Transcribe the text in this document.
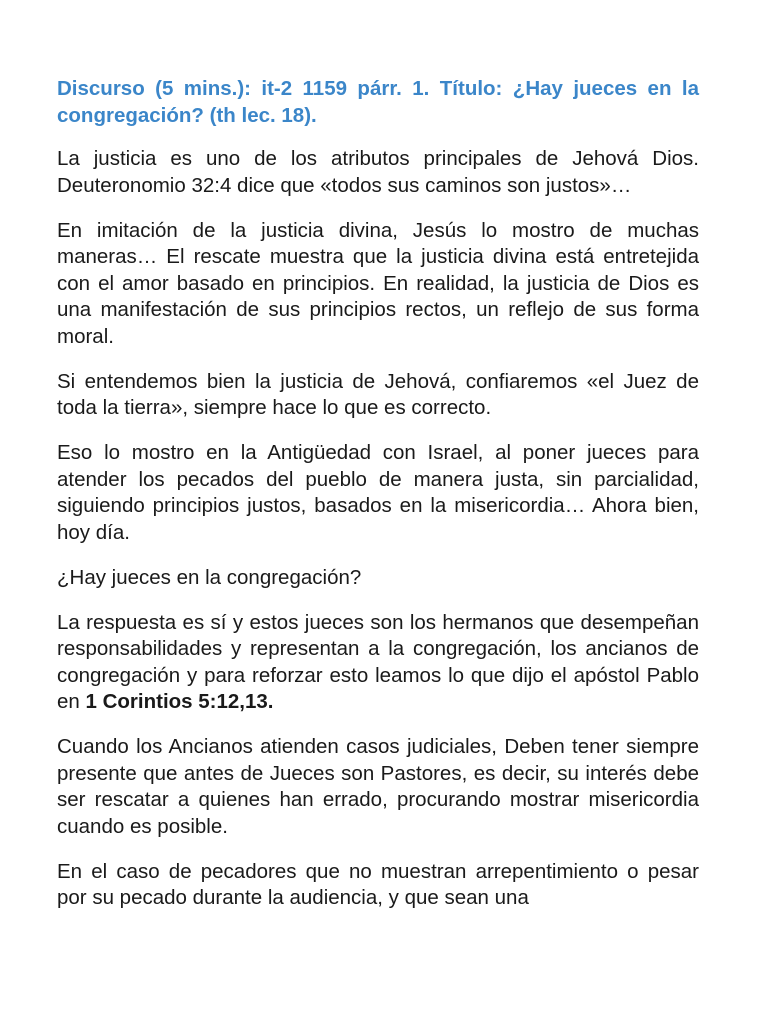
Discurso (5 mins.): it-2 1159 párr. 1. Título: ¿Hay jueces en la congregación? (th lec. 18).

La justicia es uno de los atributos principales de Jehová Dios. Deuteronomio 32:4 dice que «todos sus caminos son justos»…

En imitación de la justicia divina, Jesús lo mostro de muchas maneras… El rescate muestra que la justicia divina está entretejida con el amor basado en principios. En realidad, la justicia de Dios es una manifestación de sus principios rectos, un reflejo de sus forma moral.

Si entendemos bien la justicia de Jehová, confiaremos «el Juez de toda la tierra», siempre hace lo que es correcto.

Eso lo mostro en la Antigüedad con Israel, al poner jueces para atender los pecados del pueblo de manera justa, sin parcialidad, siguiendo principios justos, basados en la misericordia… Ahora bien, hoy día.

¿Hay jueces en la congregación?

La respuesta es sí y estos jueces son los hermanos que desempeñan responsabilidades y representan a la congregación, los ancianos de congregación y para reforzar esto leamos lo que dijo el apóstol Pablo en 1 Corintios 5:12,13.

Cuando los Ancianos atienden casos judiciales, Deben tener siempre presente que antes de Jueces son Pastores, es decir, su interés debe ser rescatar a quienes han errado, procurando mostrar misericordia cuando es posible.

En el caso de pecadores que no muestran arrepentimiento o pesar por su pecado durante la audiencia, y que sean una
